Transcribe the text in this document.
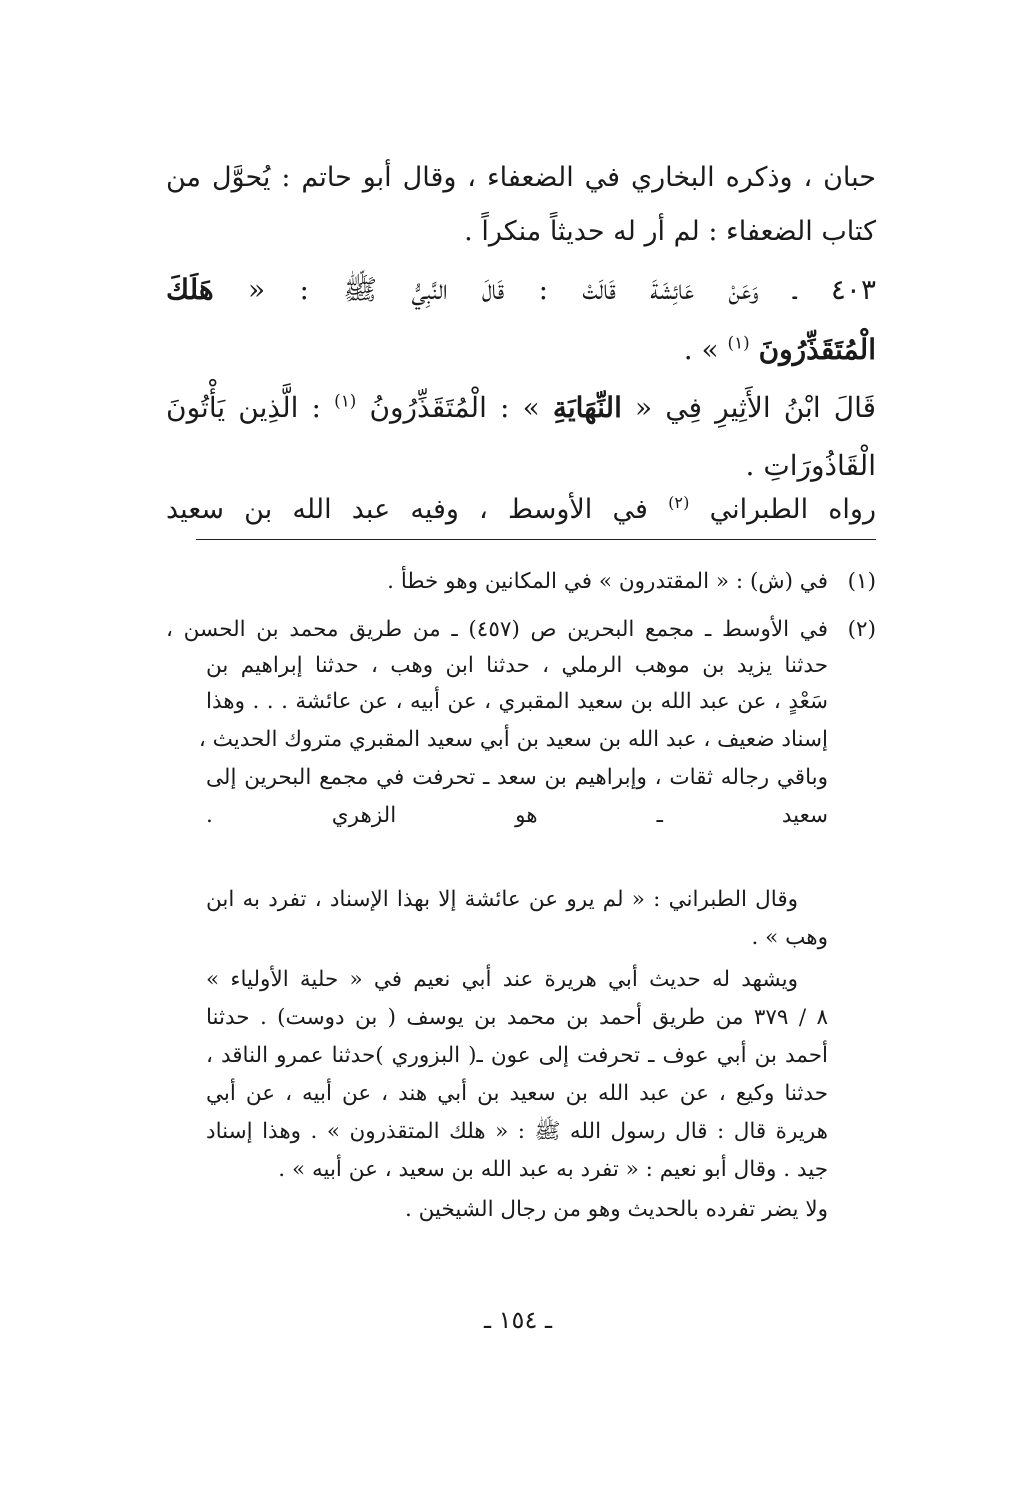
حبان ، وذكره البخاري في الضعفاء ، وقال أبو حاتم : يُحوَّل من
كتاب الضعفاء : لم أر له حديثاً منكراً .
٤٠٣ ـ وَعَنْ عَائِشَةَ قَالَتْ : قَالَ النَّبِيُّ ﷺ : « هَلَكَ
الْمُتَقَذِّرُونَ $^{(١)}$ » .
قَالَ ابْنُ الأَثِيرِ فِي « النِّهَايَةِ » : الْمُتَقَذِّرُونُ $^{(١)}$ : الَّذِين يَأْتُونَ
الْقَاذُورَاتِ .
رواه الطبراني $^{(٢)}$ في الأوسط ، وفيه عبد الله بن سعيد
(١)
في (ش) : « المقتدرون » في المكانين وهو خطأ .
(٢)
في الأوسط ـ مجمع البحرين ص (٤٥٧) ـ من طريق محمد بن الحسن ،
حدثنا يزيد بن موهب الرملي ، حدثنا ابن وهب ، حدثنا إبراهيم بن
سَعْدٍ ، عن عبد الله بن سعيد المقبري ، عن أبيه ، عن عائشة . . . وهذا
إسناد ضعيف ، عبد الله بن سعيد بن أبي سعيد المقبري متروك الحديث ،
وباقي رجاله ثقات ، وإبراهيم بن سعد ـ تحرفت في مجمع البحرين إلى
سعيد ـ هو الزهري .
وقال الطبراني : « لم يرو عن عائشة إلا بهذا الإسناد ، تفرد به ابن
وهب » .
ويشهد له حديث أبي هريرة عند أبي نعيم في « حلية الأولياء »
٨ / ٣٧٩ من طريق أحمد بن محمد بن يوسف ( بن دوست) . حدثنا
أحمد بن أبي عوف ـ تحرفت إلى عون ـ( البزوري )حدثنا عمرو الناقد ،
حدثنا وكيع ، عن عبد الله بن سعيد بن أبي هند ، عن أبيه ، عن أبي
هريرة قال : قال رسول الله ﷺ : « هلك المتقذرون » . وهذا إسناد
جيد . وقال أبو نعيم : « تفرد به عبد الله بن سعيد ، عن أبيه » .
ولا يضر تفرده بالحديث وهو من رجال الشيخين .
ـ ١٥٤ ـ
